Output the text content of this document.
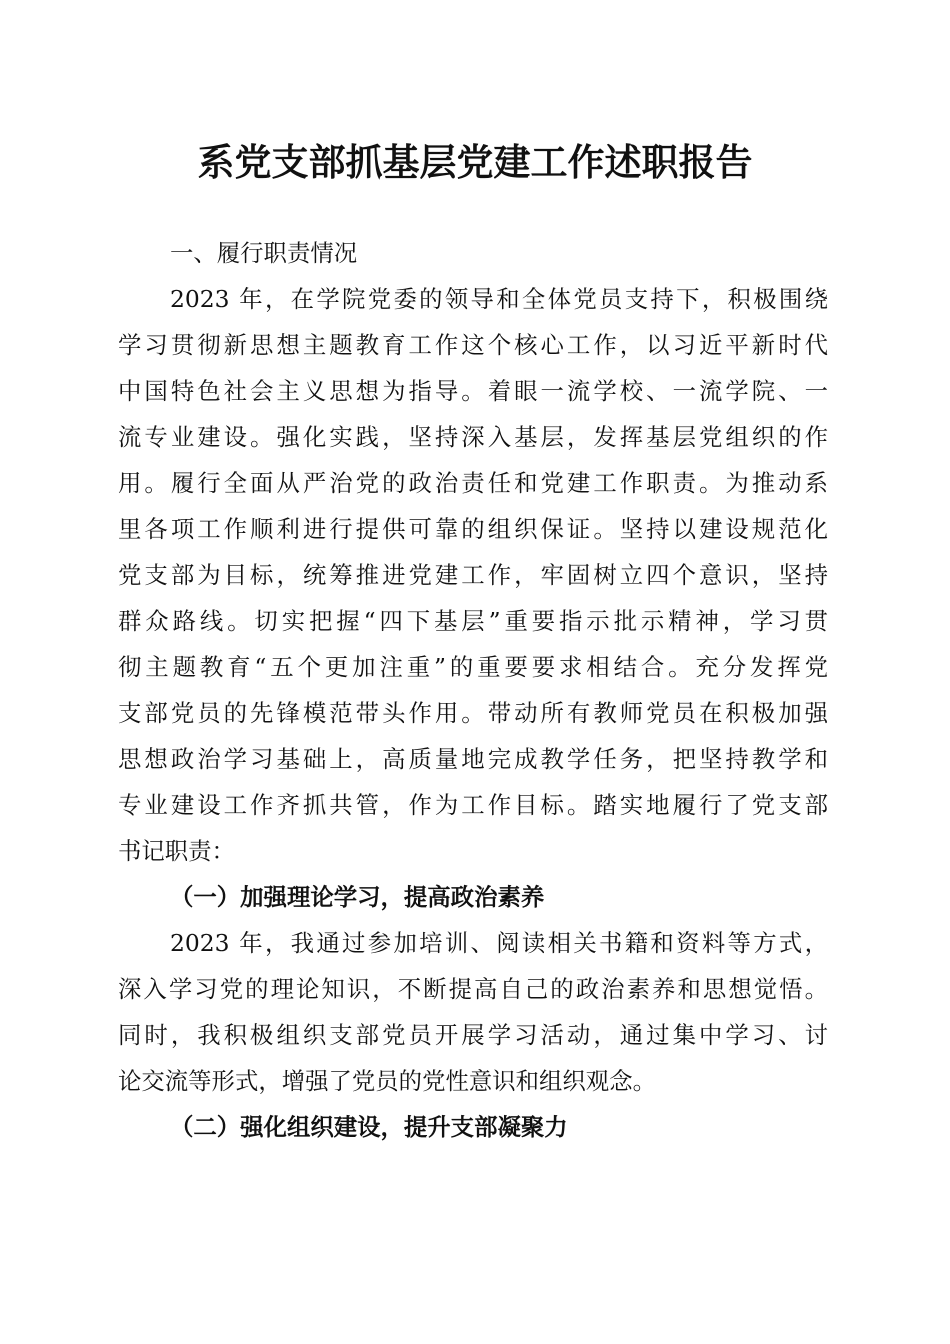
系党支部抓基层党建工作述职报告
一、履行职责情况
2023 年，在学院党委的领导和全体党员支持下，积极围绕
学习贯彻新思想主题教育工作这个核心工作，以习近平新时代
中国特色社会主义思想为指导。着眼一流学校、一流学院、一
流专业建设。强化实践，坚持深入基层，发挥基层党组织的作
用。履行全面从严治党的政治责任和党建工作职责。为推动系
里各项工作顺利进行提供可靠的组织保证。坚持以建设规范化
党支部为目标，统筹推进党建工作，牢固树立四个意识，坚持
群众路线。切实把握“四下基层”重要指示批示精神，学习贯
彻主题教育“五个更加注重”的重要要求相结合。充分发挥党
支部党员的先锋模范带头作用。带动所有教师党员在积极加强
思想政治学习基础上，高质量地完成教学任务，把坚持教学和
专业建设工作齐抓共管，作为工作目标。踏实地履行了党支部
书记职责：
（一）加强理论学习，提高政治素养
2023 年，我通过参加培训、阅读相关书籍和资料等方式，
深入学习党的理论知识，不断提高自己的政治素养和思想觉悟。
同时，我积极组织支部党员开展学习活动，通过集中学习、讨
论交流等形式，增强了党员的党性意识和组织观念。
（二）强化组织建设，提升支部凝聚力
